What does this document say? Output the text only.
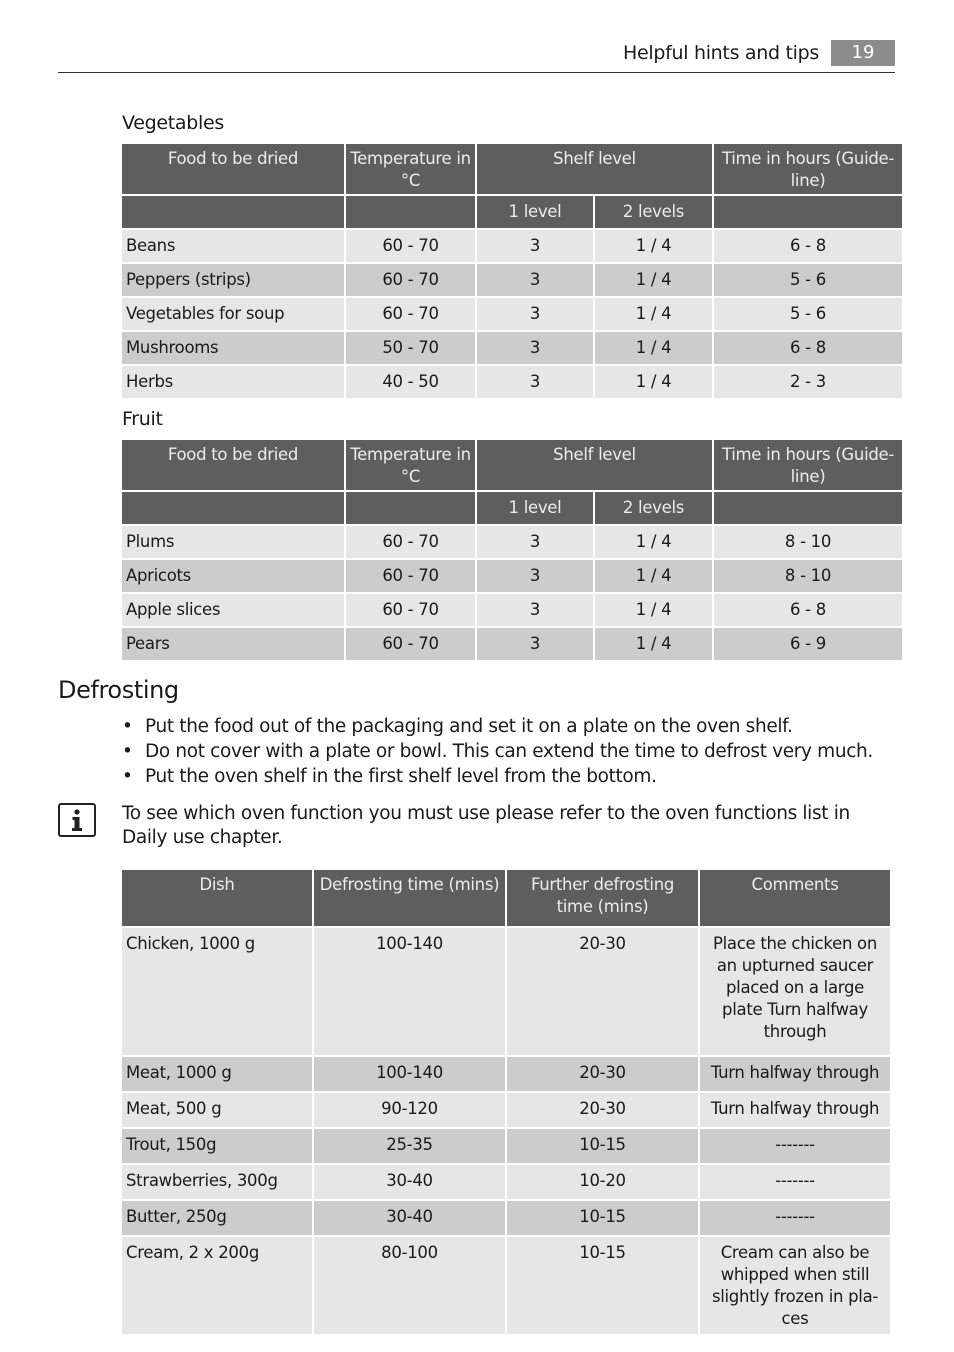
Helpful hints and tips	19
Vegetables
Food to be dried	Temperature in °C	Shelf level		Time in hours (Guide-line)
		1 level	2 levels	
Beans	60 - 70	3	1 / 4	6 - 8
Peppers (strips)	60 - 70	3	1 / 4	5 - 6
Vegetables for soup	60 - 70	3	1 / 4	5 - 6
Mushrooms	50 - 70	3	1 / 4	6 - 8
Herbs	40 - 50	3	1 / 4	2 - 3
Fruit
Food to be dried	Temperature in °C	Shelf level		Time in hours (Guide-line)
		1 level	2 levels	
Plums	60 - 70	3	1 / 4	8 - 10
Apricots	60 - 70	3	1 / 4	8 - 10
Apple slices	60 - 70	3	1 / 4	6 - 8
Pears	60 - 70	3	1 / 4	6 - 9
Defrosting
• Put the food out of the packaging and set it on a plate on the oven shelf.
• Do not cover with a plate or bowl. This can extend the time to defrost very much.
• Put the oven shelf in the first shelf level from the bottom.
To see which oven function you must use please refer to the oven functions list in Daily use chapter.
Dish	Defrosting time (mins)	Further defrosting time (mins)	Comments
Chicken, 1000 g	100-140	20-30	Place the chicken on an upturned saucer placed on a large plate Turn halfway through
Meat, 1000 g	100-140	20-30	Turn halfway through
Meat, 500 g	90-120	20-30	Turn halfway through
Trout, 150g	25-35	10-15	-------
Strawberries, 300g	30-40	10-20	-------
Butter, 250g	30-40	10-15	-------
Cream, 2 x 200g	80-100	10-15	Cream can also be whipped when still slightly frozen in pla-ces
